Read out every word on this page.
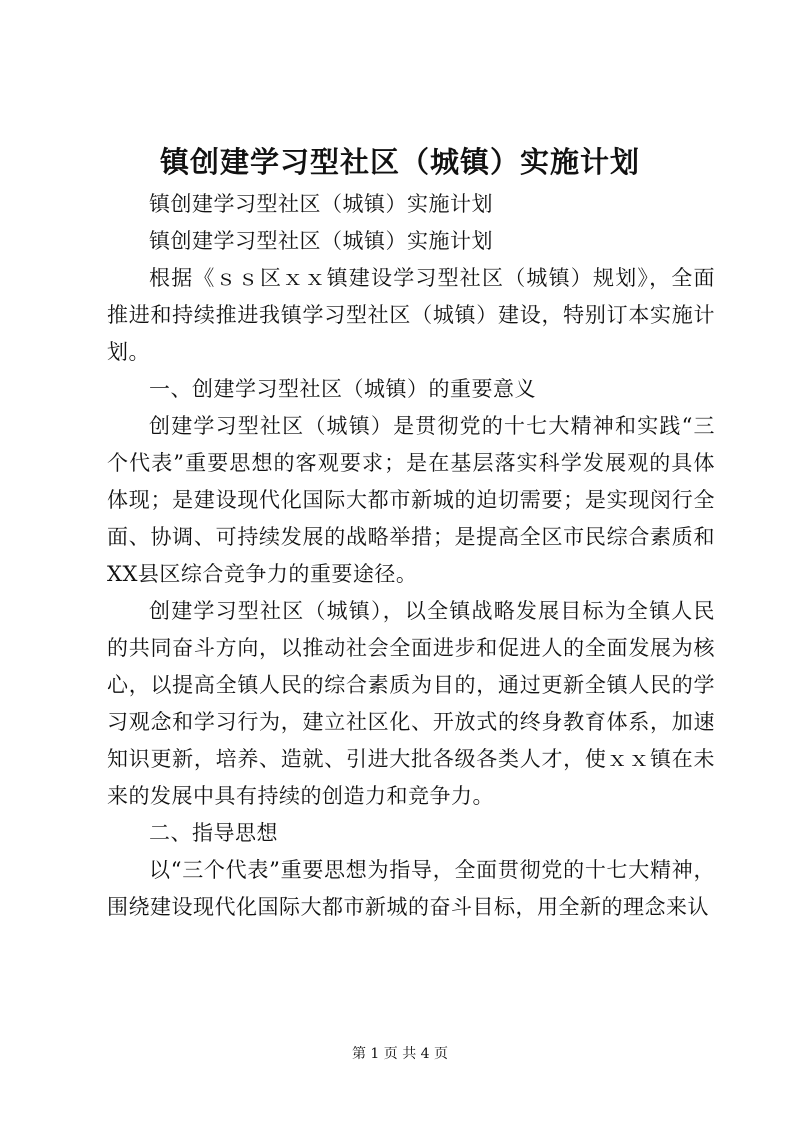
镇创建学习型社区（城镇）实施计划

镇创建学习型社区（城镇）实施计划

镇创建学习型社区（城镇）实施计划

根据《ｓｓ区ｘｘ镇建设学习型社区（城镇）规划》，全面推进和持续推进我镇学习型社区（城镇）建设，特别订本实施计划。

一、创建学习型社区（城镇）的重要意义

创建学习型社区（城镇）是贯彻党的十七大精神和实践“三个代表”重要思想的客观要求；是在基层落实科学发展观的具体体现；是建设现代化国际大都市新城的迫切需要；是实现闵行全面、协调、可持续发展的战略举措；是提高全区市民综合素质和XX县区综合竞争力的重要途径。

创建学习型社区（城镇），以全镇战略发展目标为全镇人民的共同奋斗方向，以推动社会全面进步和促进人的全面发展为核心，以提高全镇人民的综合素质为目的，通过更新全镇人民的学习观念和学习行为，建立社区化、开放式的终身教育体系，加速知识更新，培养、造就、引进大批各级各类人才，使ｘｘ镇在未来的发展中具有持续的创造力和竞争力。

二、指导思想

以“三个代表”重要思想为指导，全面贯彻党的十七大精神，围绕建设现代化国际大都市新城的奋斗目标，用全新的理念来认

第 1 页 共 4 页
